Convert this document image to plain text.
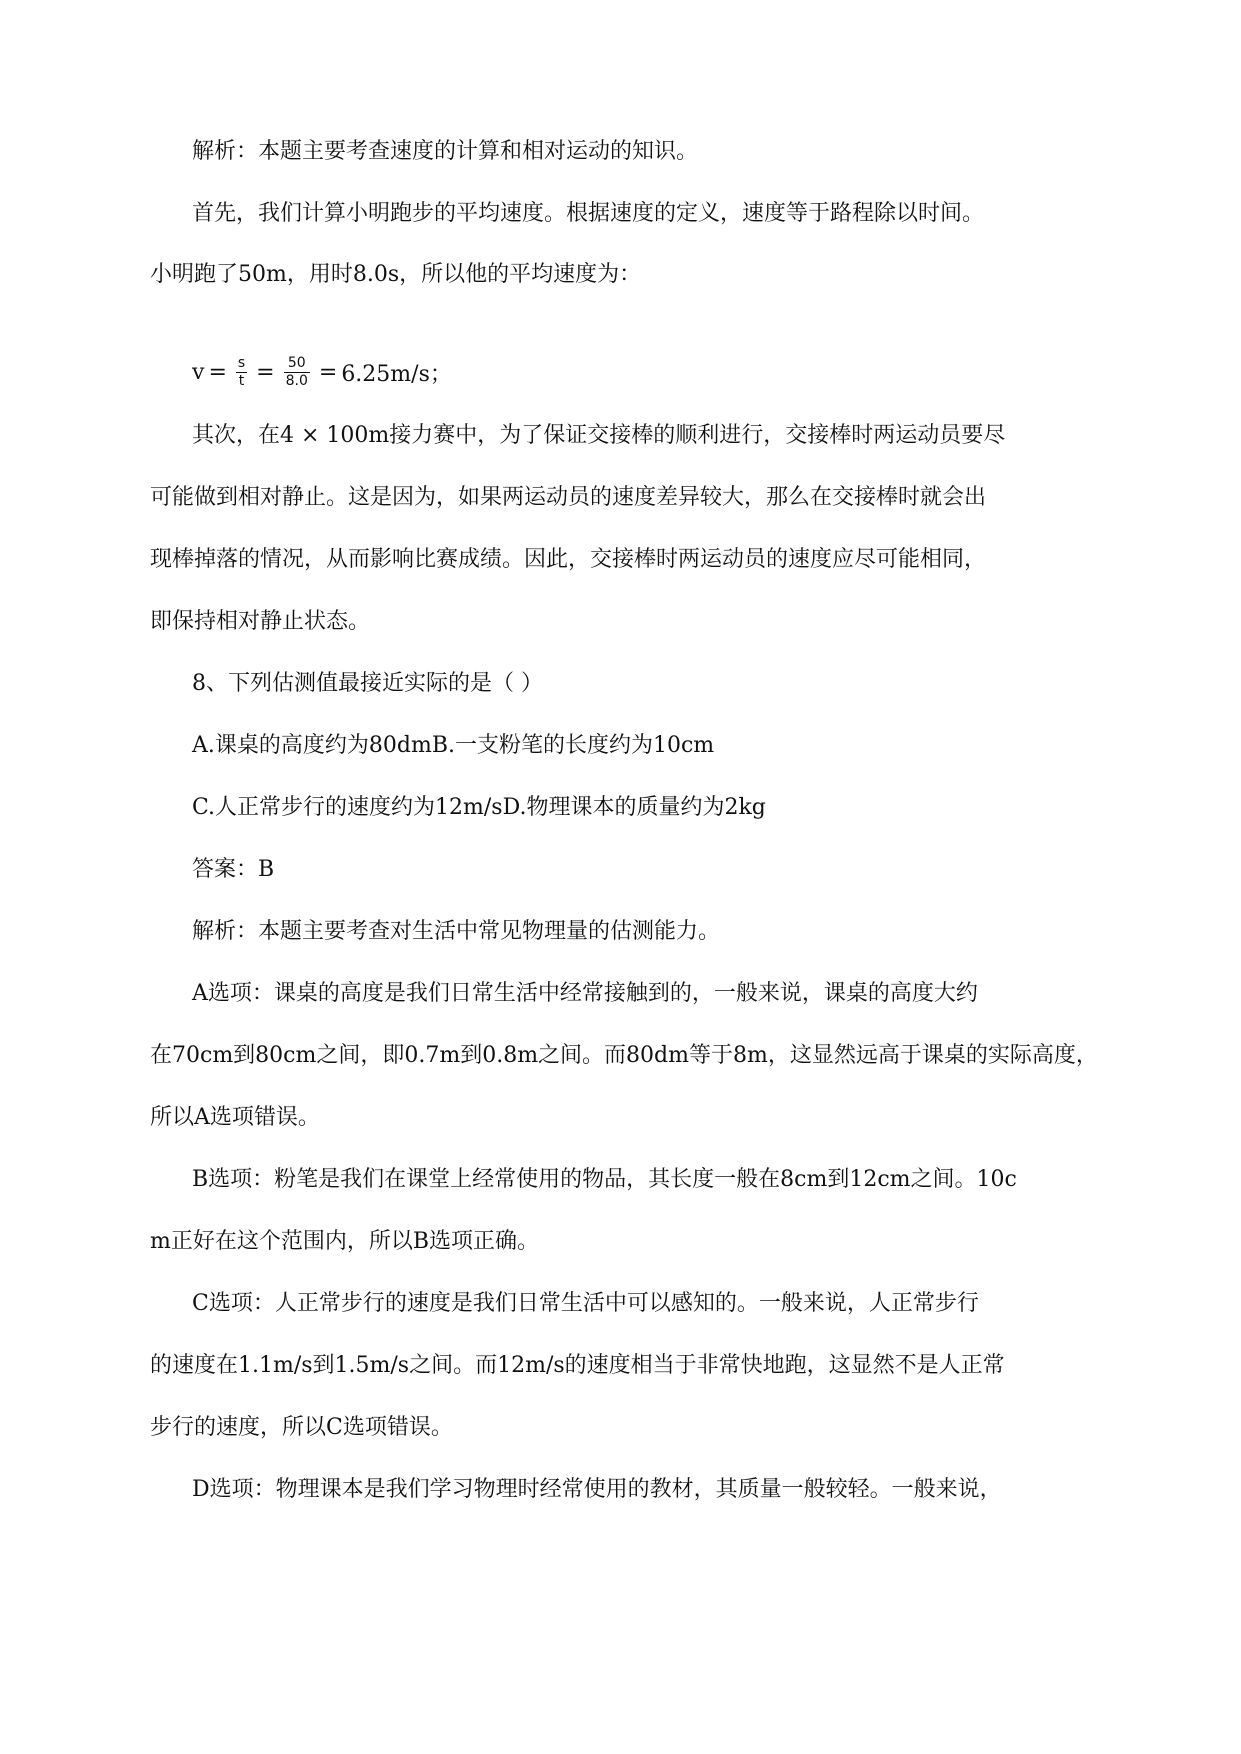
解析：本题主要考查速度的计算和相对运动的知识。
首先，我们计算小明跑步的平均速度。根据速度的定义，速度等于路程除以时间。
小明跑了50m，用时8.0s，所以他的平均速度为：
$v = \frac{s}{t} = \frac{50}{8.0} = 6.25m/s$；
其次，在4 × 100m接力赛中，为了保证交接棒的顺利进行，交接棒时两运动员要尽
可能做到相对静止。这是因为，如果两运动员的速度差异较大，那么在交接棒时就会出
现棒掉落的情况，从而影响比赛成绩。因此，交接棒时两运动员的速度应尽可能相同，
即保持相对静止状态。
8、下列估测值最接近实际的是（ ）
A.课桌的高度约为80dmB.一支粉笔的长度约为10cm
C.人正常步行的速度约为12m/sD.物理课本的质量约为2kg
答案：B
解析：本题主要考查对生活中常见物理量的估测能力。
A选项：课桌的高度是我们日常生活中经常接触到的，一般来说，课桌的高度大约
在70cm到80cm之间，即0.7m到0.8m之间。而80dm等于8m，这显然远高于课桌的实际高度，
所以A选项错误。
B选项：粉笔是我们在课堂上经常使用的物品，其长度一般在8cm到12cm之间。10c
m正好在这个范围内，所以B选项正确。
C选项：人正常步行的速度是我们日常生活中可以感知的。一般来说，人正常步行
的速度在1.1m/s到1.5m/s之间。而12m/s的速度相当于非常快地跑，这显然不是人正常
步行的速度，所以C选项错误。
D选项：物理课本是我们学习物理时经常使用的教材，其质量一般较轻。一般来说，
